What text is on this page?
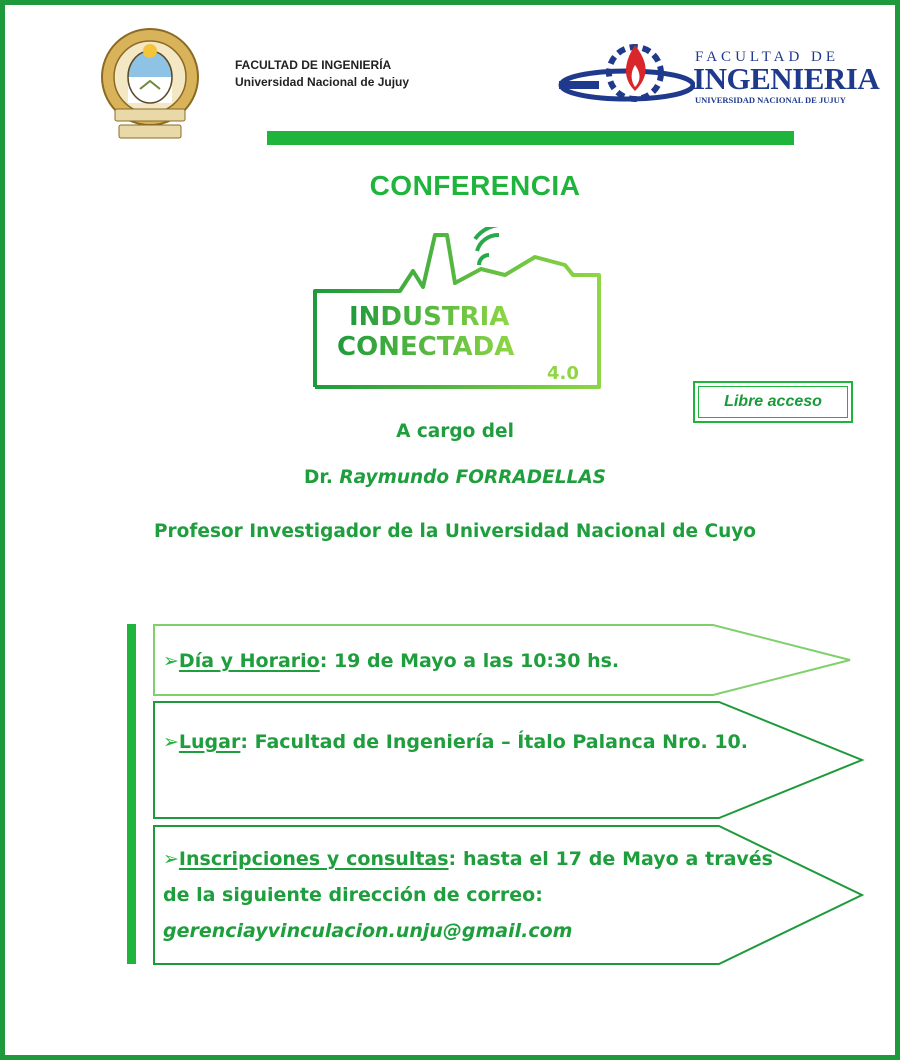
FACULTAD DE INGENIERÍA
Universidad Nacional de Jujuy
FACULTAD DE
INGENIERIA
UNIVERSIDAD NACIONAL DE JUJUY
CONFERENCIA
INDUSTRIA
CONECTADA
4.0
Libre acceso
A cargo del
Dr. Raymundo FORRADELLAS
Profesor Investigador de la Universidad Nacional de Cuyo
➢Día y Horario: 19 de Mayo a las 10:30 hs.
➢Lugar: Facultad de Ingeniería – Ítalo Palanca Nro. 10.
➢Inscripciones y consultas: hasta el 17 de Mayo a través de la siguiente dirección de correo:
gerenciayvinculacion.unju@gmail.com
